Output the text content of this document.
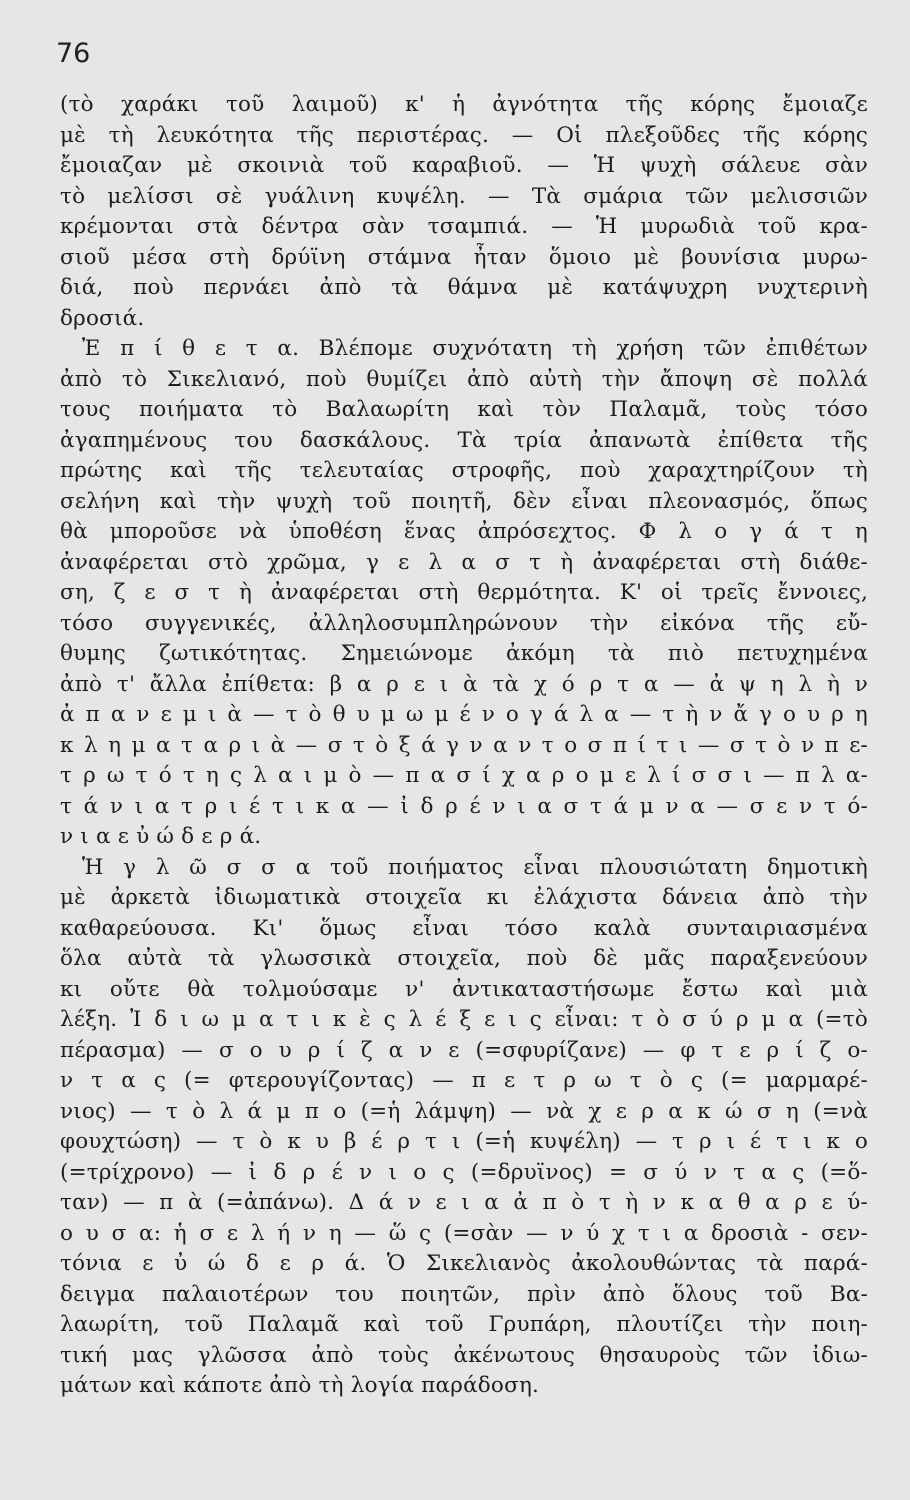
76
(τὸ χαράκι τοῦ λαιμοῦ) κ' ἡ ἀγνότητα τῆς κόρης ἔμοιαζε
μὲ τὴ λευκότητα τῆς περιστέρας. — Οἱ πλεξοῦδες τῆς κόρης
ἔμοιαζαν μὲ σκοινιὰ τοῦ καραβιοῦ. — Ἡ ψυχὴ σάλευε σὰν
τὸ μελίσσι σὲ γυάλινη κυψέλη. — Τὰ σμάρια τῶν μελισσιῶν
κρέμονται στὰ δέντρα σὰν τσαμπιά. — Ἡ μυρωδιὰ τοῦ κρα-
σιοῦ μέσα στὴ δρύϊνη στάμνα ἦταν ὅμοιο μὲ βουνίσια μυρω-
διά, ποὺ περνάει ἀπὸ τὰ θάμνα μὲ κατάψυχρη νυχτερινὴ
δροσιά.
Ἐ π ί θ ε τ α. Βλέπομε συχνότατη τὴ χρήση τῶν ἐπιθέτων
ἀπὸ τὸ Σικελιανό, ποὺ θυμίζει ἀπὸ αὐτὴ τὴν ἄποψη σὲ πολλά
τους ποιήματα τὸ Βαλαωρίτη καὶ τὸν Παλαμᾶ, τοὺς τόσο
ἀγαπημένους του δασκάλους. Τὰ τρία ἀπανωτὰ ἐπίθετα τῆς
πρώτης καὶ τῆς τελευταίας στροφῆς, ποὺ χαραχτηρίζουν τὴ
σελήνη καὶ τὴν ψυχὴ τοῦ ποιητῆ, δὲν εἶναι πλεονασμός, ὅπως
θὰ μποροῦσε νὰ ὑποθέση ἕνας ἀπρόσεχτος. Φ λ ο γ ά τ η
ἀναφέρεται στὸ χρῶμα, γ ε λ α σ τ ὴ ἀναφέρεται στὴ διάθε-
ση, ζ ε σ τ ὴ ἀναφέρεται στὴ θερμότητα. Κ' οἱ τρεῖς ἔννοιες,
τόσο συγγενικές, ἀλληλοσυμπληρώνουν τὴν εἰκόνα τῆς εὔ-
θυμης ζωτικότητας. Σημειώνομε ἀκόμη τὰ πιὸ πετυχημένα
ἀπὸ τ' ἄλλα ἐπίθετα: β α ρ ε ι ὰ τὰ χ ό ρ τ α — ἀ ψ η λ ὴ ν
ἀ π α ν ε μ ι ὰ — τ ὸ θ υ μ ω μ έ ν ο γ ά λ α — τ ὴ ν ἄ γ ο υ ρ η
κ λ η μ α τ α ρ ι ὰ — σ τ ὸ ξ ά γ ν α ν τ ο σ π ί τ ι — σ τ ὸ ν π ε-
τ ρ ω τ ό τ η ς λ α ι μ ὸ — π α σ ί χ α ρ ο μ ε λ ί σ σ ι — π λ α-
τ ά ν ι α τ ρ ι έ τ ι κ α — ἰ δ ρ έ ν ι α σ τ ά μ ν α — σ ε ν τ ό-
ν ι α ε ὐ ώ δ ε ρ ά.
Ἡ γ λ ῶ σ σ α τοῦ ποιήματος εἶναι πλουσιώτατη δημοτικὴ
μὲ ἀρκετὰ ἰδιωματικὰ στοιχεῖα κι ἐλάχιστα δάνεια ἀπὸ τὴν
καθαρεύουσα. Κι' ὅμως εἶναι τόσο καλὰ συνταιριασμένα
ὅλα αὐτὰ τὰ γλωσσικὰ στοιχεῖα, ποὺ δὲ μᾶς παραξενεύουν
κι οὔτε θὰ τολμούσαμε ν' ἀντικαταστήσωμε ἔστω καὶ μιὰ
λέξη. Ἰ δ ι ω μ α τ ι κ ὲ ς λ έ ξ ε ι ς εἶναι: τ ὸ σ ύ ρ μ α (=τὸ
πέρασμα) — σ ο υ ρ ί ζ α ν ε (=σφυρίζανε) — φ τ ε ρ ί ζ ο-
ν τ α ς (= φτερουγίζοντας) — π ε τ ρ ω τ ὸ ς (= μαρμαρέ-
νιος) — τ ὸ λ ά μ π ο (=ἡ λάμψη) — νὰ χ ε ρ α κ ώ σ η (=νὰ
φουχτώση) — τ ὸ κ υ β έ ρ τ ι (=ἡ κυψέλη) — τ ρ ι έ τ ι κ ο
(=τρίχρονο) — ἰ δ ρ έ ν ι ο ς (=δρυϊνος) = σ ύ ν τ α ς (=ὅ-
ταν) — π ὰ (=ἀπάνω). Δ ά ν ε ι α ἀ π ὸ τ ὴ ν κ α θ α ρ ε ύ-
ο υ σ α: ἡ σ ε λ ή ν η — ὥ ς (=σὰν — ν ύ χ τ ι α δροσιὰ - σεν-
τόνια ε ὐ ώ δ ε ρ ά. Ὁ Σικελιανὸς ἀκολουθώντας τὰ παρά-
δειγμα παλαιοτέρων του ποιητῶν, πρὶν ἀπὸ ὅλους τοῦ Βα-
λαωρίτη, τοῦ Παλαμᾶ καὶ τοῦ Γρυπάρη, πλουτίζει τὴν ποιη-
τική μας γλῶσσα ἀπὸ τοὺς ἀκένωτους θησαυροὺς τῶν ἰδιω-
μάτων καὶ κάποτε ἀπὸ τὴ λογία παράδοση.
